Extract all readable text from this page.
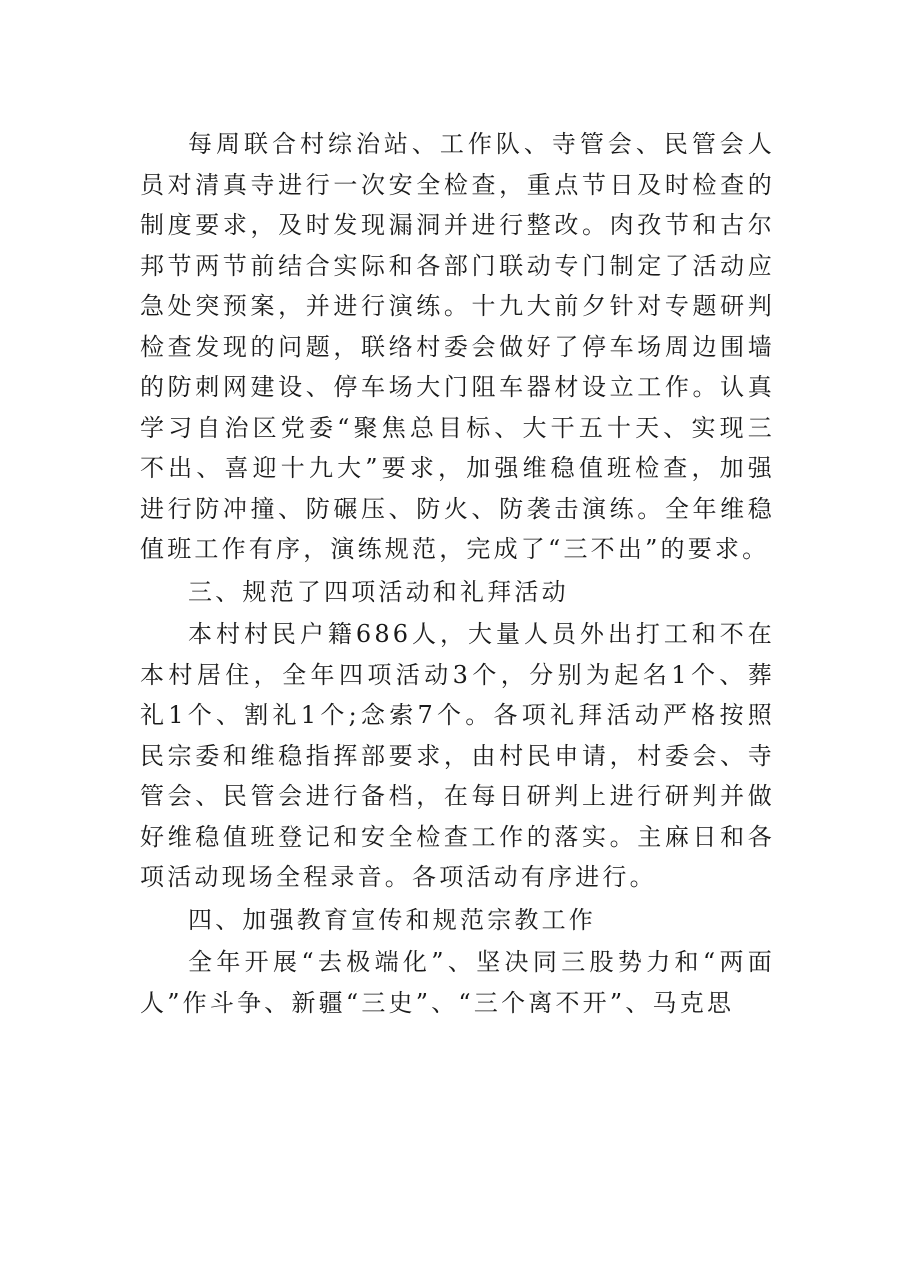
每周联合村综治站、工作队、寺管会、民管会人员对清真寺进行一次安全检查，重点节日及时检查的制度要求，及时发现漏洞并进行整改。肉孜节和古尔邦节两节前结合实际和各部门联动专门制定了活动应急处突预案，并进行演练。十九大前夕针对专题研判检查发现的问题，联络村委会做好了停车场周边围墙的防刺网建设、停车场大门阻车器材设立工作。认真学习自治区党委“聚焦总目标、大干五十天、实现三不出、喜迎十九大”要求，加强维稳值班检查，加强进行防冲撞、防碾压、防火、防袭击演练。全年维稳值班工作有序，演练规范，完成了“三不出”的要求。

三、规范了四项活动和礼拜活动

本村村民户籍686人，大量人员外出打工和不在本村居住，全年四项活动3个，分别为起名1个、葬礼1个、割礼1个;念索7个。各项礼拜活动严格按照民宗委和维稳指挥部要求，由村民申请，村委会、寺管会、民管会进行备档，在每日研判上进行研判并做好维稳值班登记和安全检查工作的落实。主麻日和各项活动现场全程录音。各项活动有序进行。

四、加强教育宣传和规范宗教工作

全年开展“去极端化”、坚决同三股势力和“两面人”作斗争、新疆“三史”、“三个离不开”、马克思
